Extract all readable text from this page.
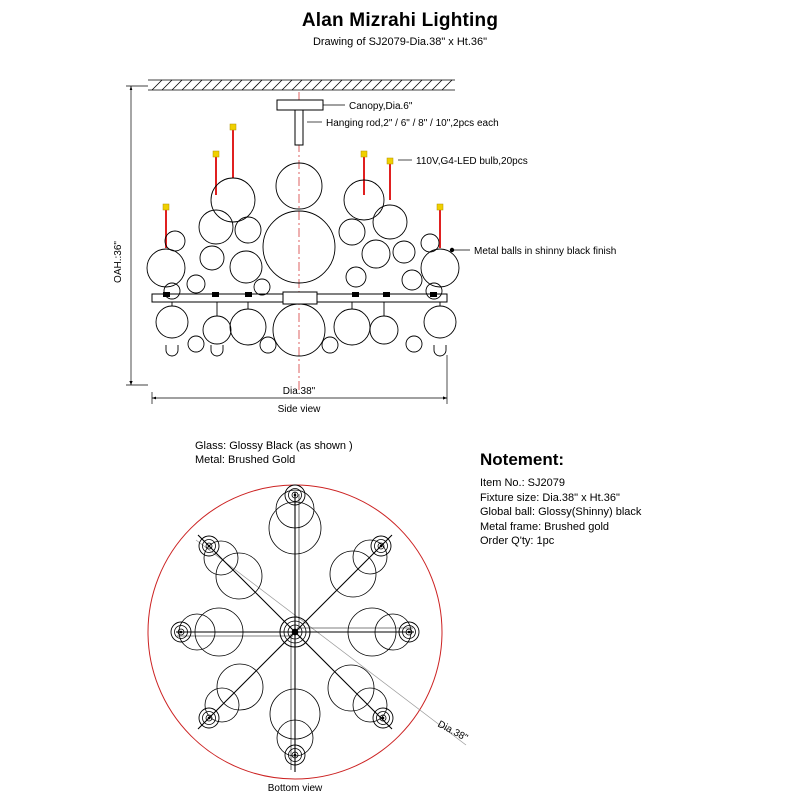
Alan Mizrahi Lighting
Drawing of SJ2079-Dia.38" x Ht.36"
OAH.:36"
Dia.38"
Side view
Canopy,Dia.6"
Hanging rod,2" / 6" / 8" / 10",2pcs each
110V,G4-LED bulb,20pcs
Metal balls in shinny black finish
Dia.38"
Bottom view
Glass: Glossy Black (as shown )
Metal: Brushed Gold	Notement:
Item No.: SJ2079
Fixture size: Dia.38" x Ht.36"
Global ball: Glossy(Shinny) black
Metal frame: Brushed gold
Order Q'ty: 1pc
